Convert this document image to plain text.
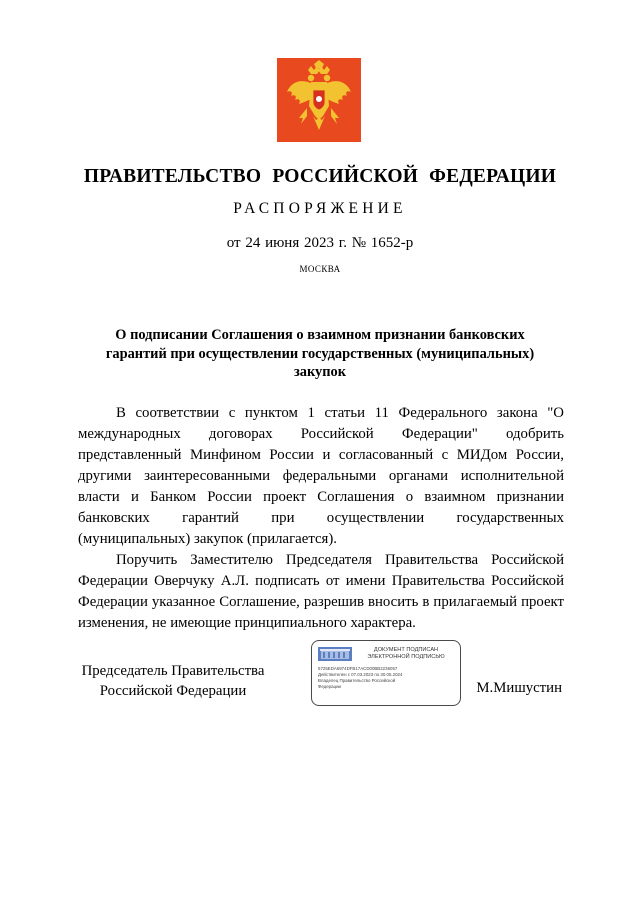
ПРАВИТЕЛЬСТВО РОССИЙСКОЙ ФЕДЕРАЦИИ
РАСПОРЯЖЕНИЕ
от 24 июня 2023 г. № 1652-р
МОСКВА
О подписании Соглашения о взаимном признании банковских
гарантий при осуществлении государственных (муниципальных)
закупок

В соответствии с пунктом 1 статьи 11 Федерального закона "О международных договорах Российской Федерации" одобрить представленный Минфином России и согласованный с МИДом России, другими заинтересованными федеральными органами исполнительной власти и Банком России проект Соглашения о взаимном признании банковских гарантий при осуществлении государственных (муниципальных) закупок (прилагается).

Поручить Заместителю Председателя Правительства Российской Федерации Оверчуку А.Л. подписать от имени Правительства Российской Федерации указанное Соглашение, разрешив вносить в прилагаемый проект изменения, не имеющие принципиального характера.

Председатель Правительства
Российской Федерации
ДОКУМЕНТ ПОДПИСАН
ЭЛЕКТРОННОЙ ПОДПИСЬЮ
5725EDA6974DFB17ACD00BB2236057
Действителен с 07.03.2023 по 30.05.2024
Владелец Правительство Российской
Федерации	М.Мишустин
